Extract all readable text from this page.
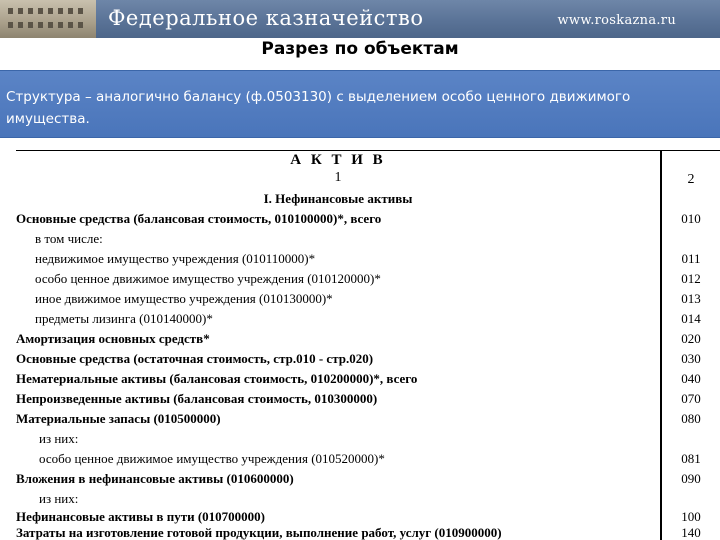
Федеральное казначейство	www.roskazna.ru
Разрез по объектам
Структура – аналогично балансу (ф.0503130) с выделением особо ценного движимого имущества.
А К Т И В
1	2
I. Нефинансовые активы
Основные средства (балансовая стоимость, 010100000)*, всего	010
в том числе:
недвижимое имущество учреждения (010110000)*	011
особо ценное движимое имущество учреждения (010120000)*	012
иное движимое имущество учреждения (010130000)*	013
предметы лизинга (010140000)*	014
Амортизация основных средств*	020
Основные средства (остаточная стоимость, стр.010 - стр.020)	030
Нематериальные активы (балансовая стоимость, 010200000)*, всего	040
Непроизведенные активы (балансовая стоимость, 010300000)	070
Материальные запасы (010500000)	080
из них:
особо ценное движимое имущество учреждения (010520000)*	081
Вложения в нефинансовые активы (010600000)	090
из них:
Нефинансовые активы в пути (010700000)	100
Затраты на изготовление готовой продукции, выполнение работ, услуг (010900000)	140
